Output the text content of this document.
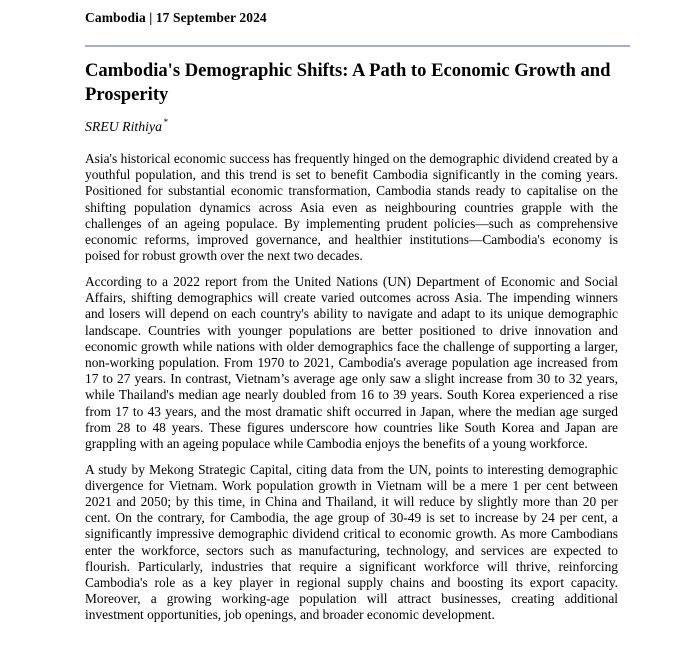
Cambodia | 17 September 2024
Cambodia's Demographic Shifts: A Path to Economic Growth and Prosperity
SREU Rithiya*

Asia's historical economic success has frequently hinged on the demographic dividend created by a youthful population, and this trend is set to benefit Cambodia significantly in the coming years. Positioned for substantial economic transformation, Cambodia stands ready to capitalise on the shifting population dynamics across Asia even as neighbouring countries grapple with the challenges of an ageing populace. By implementing prudent policies—such as comprehensive economic reforms, improved governance, and healthier institutions—Cambodia's economy is poised for robust growth over the next two decades.

According to a 2022 report from the United Nations (UN) Department of Economic and Social Affairs, shifting demographics will create varied outcomes across Asia. The impending winners and losers will depend on each country's ability to navigate and adapt to its unique demographic landscape. Countries with younger populations are better positioned to drive innovation and economic growth while nations with older demographics face the challenge of supporting a larger, non-working population. From 1970 to 2021, Cambodia's average population age increased from 17 to 27 years. In contrast, Vietnam’s average age only saw a slight increase from 30 to 32 years, while Thailand's median age nearly doubled from 16 to 39 years. South Korea experienced a rise from 17 to 43 years, and the most dramatic shift occurred in Japan, where the median age surged from 28 to 48 years. These figures underscore how countries like South Korea and Japan are grappling with an ageing populace while Cambodia enjoys the benefits of a young workforce.

A study by Mekong Strategic Capital, citing data from the UN, points to interesting demographic divergence for Vietnam. Work population growth in Vietnam will be a mere 1 per cent between 2021 and 2050; by this time, in China and Thailand, it will reduce by slightly more than 20 per cent. On the contrary, for Cambodia, the age group of 30-49 is set to increase by 24 per cent, a significantly impressive demographic dividend critical to economic growth. As more Cambodians enter the workforce, sectors such as manufacturing, technology, and services are expected to flourish. Particularly, industries that require a significant workforce will thrive, reinforcing Cambodia's role as a key player in regional supply chains and boosting its export capacity. Moreover, a growing working-age population will attract businesses, creating additional investment opportunities, job openings, and broader economic development.
